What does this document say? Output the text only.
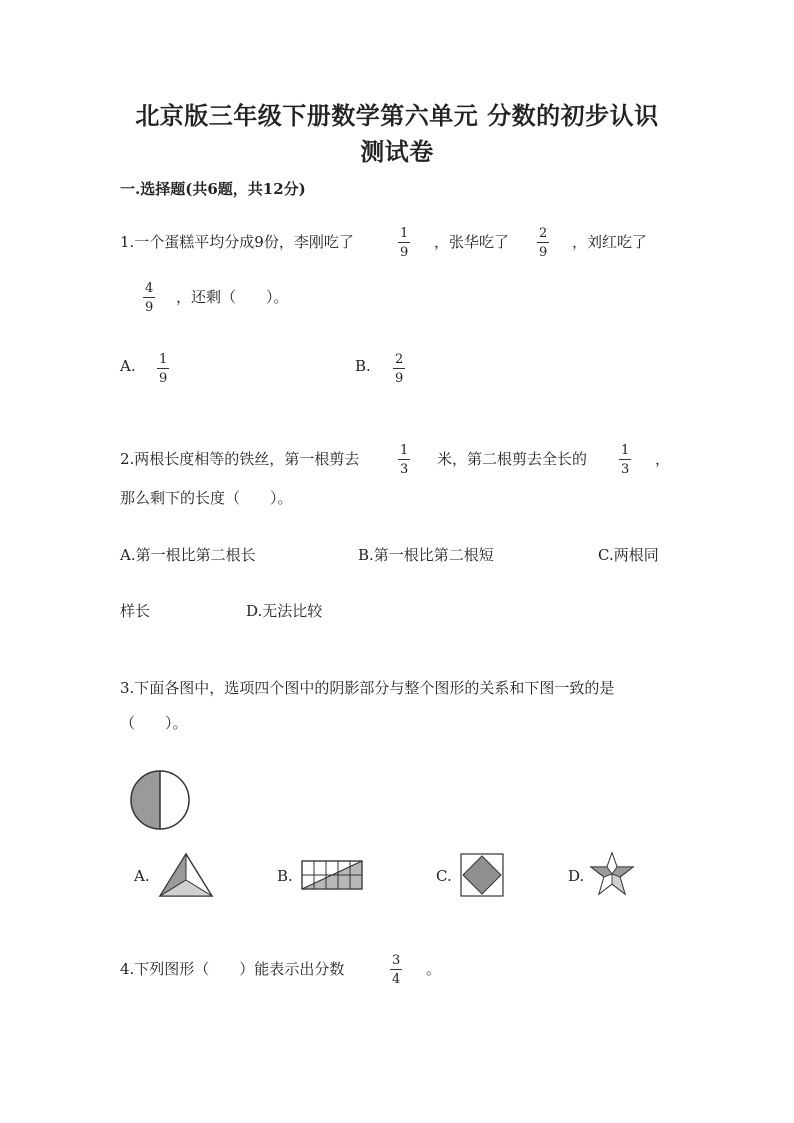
北京版三年级下册数学第六单元 分数的初步认识
测试卷
一.选择题(共6题，共12分)
1.一个蛋糕平均分成9份，李刚吃了	1
9
，张华吃了 2
9
，刘红吃了
4
9
，还剩（　　）。
A. 1
9
B. 2
9
2.两根长度相等的铁丝，第一根剪去	1
3
米，第二根剪去全长的	1
3
，
那么剩下的长度（　　）。
A.第一根比第二根长	B.第一根比第二根短	C.两根同
样长	D.无法比较
3.下面各图中，选项四个图中的阴影部分与整个图形的关系和下图一致的是
（　　）。
A.	B.	C.	D.
4.下列图形（　　）能表示出分数	3
4
。
